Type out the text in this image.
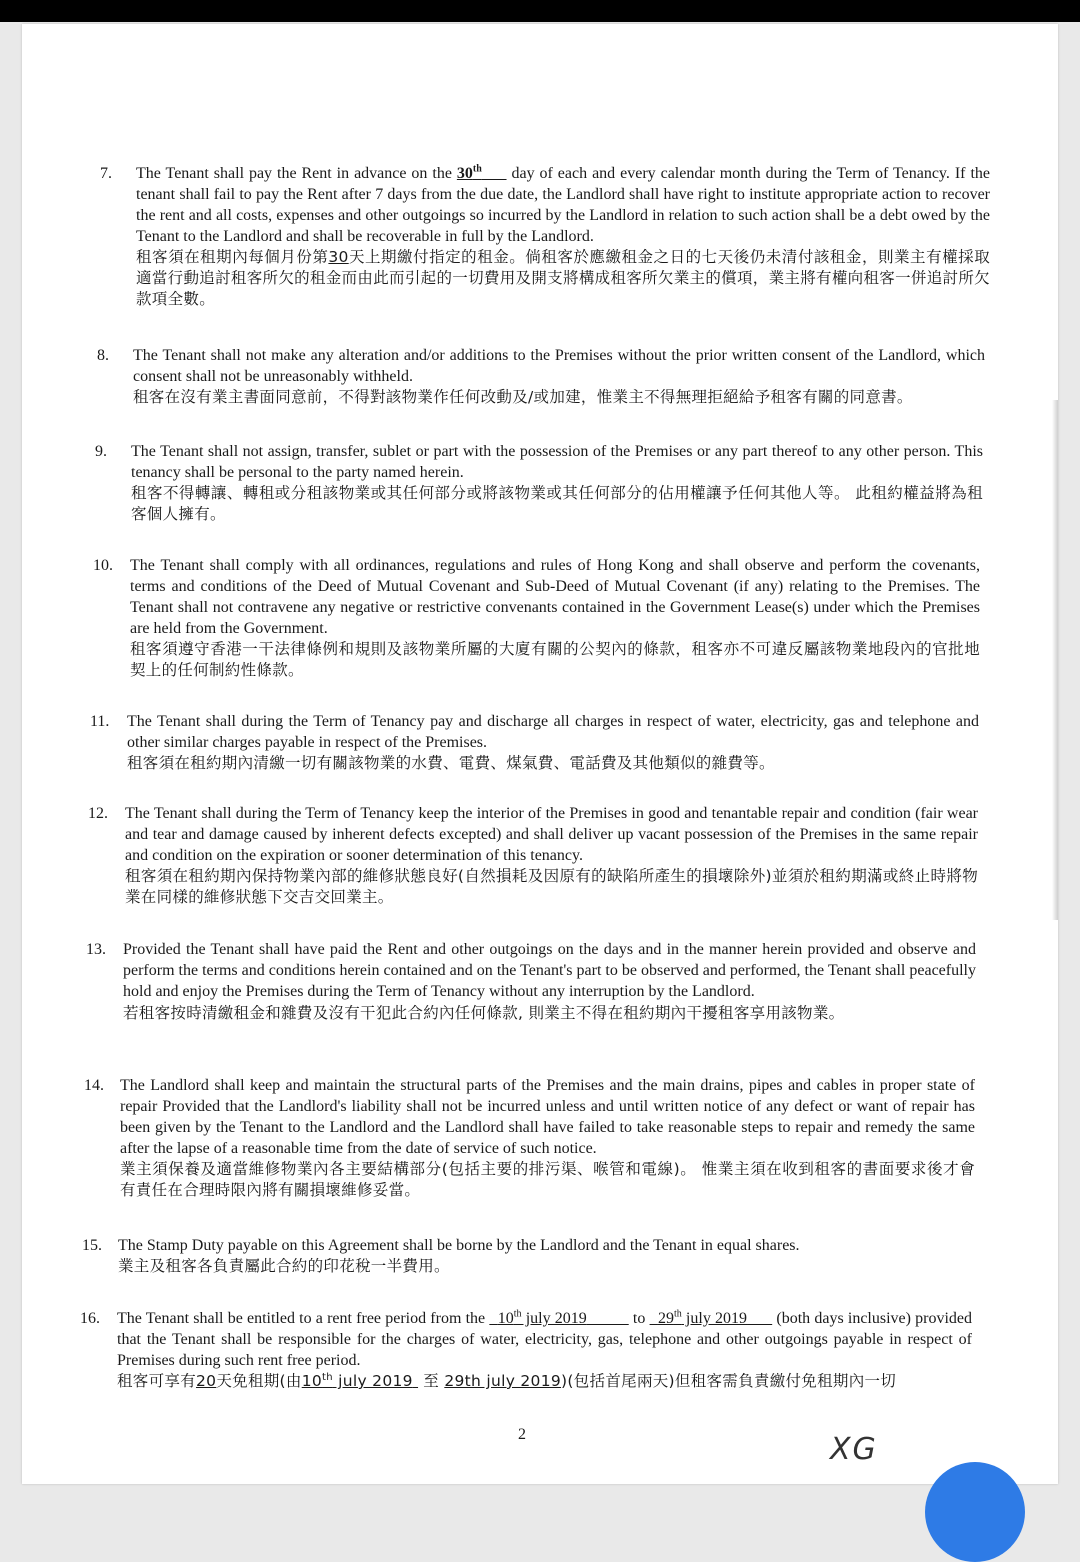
7. The Tenant shall pay the Rent in advance on the 30th      day of each and every calendar month during the Term of Tenancy. If the tenant shall fail to pay the Rent after 7 days from the due date, the Landlord shall have right to institute appropriate action to recover the rent and all costs, expenses and other outgoings so incurred by the Landlord in relation to such action shall be a debt owed by the Tenant to the Landlord and shall be recoverable in full by the Landlord.

租客須在租期內每個月份第30天上期繳付指定的租金。倘租客於應繳租金之日的七天後仍未清付該租金，則業主有權採取適當行動追討租客所欠的租金而由此而引起的一切費用及開支將構成租客所欠業主的償項，業主將有權向租客一併追討所欠款項全數。

8. The Tenant shall not make any alteration and/or additions to the Premises without the prior written consent of the Landlord, which consent shall not be unreasonably withheld.

租客在沒有業主書面同意前，不得對該物業作任何改動及/或加建，惟業主不得無理拒絕給予租客有關的同意書。

9. The Tenant shall not assign, transfer, sublet or part with the possession of the Premises or any part thereof to any other person. This tenancy shall be personal to the party named herein.

租客不得轉讓、轉租或分租該物業或其任何部分或將該物業或其任何部分的佔用權讓予任何其他人等。 此租約權益將為租客個人擁有。

10. The Tenant shall comply with all ordinances, regulations and rules of Hong Kong and shall observe and perform the covenants, terms and conditions of the Deed of Mutual Covenant and Sub-Deed of Mutual Covenant (if any) relating to the Premises. The Tenant shall not contravene any negative or restrictive convenants contained in the Government Lease(s) under which the Premises are held from the Government.

租客須遵守香港一干法律條例和規則及該物業所屬的大廈有關的公契內的條款，租客亦不可違反屬該物業地段內的官批地契上的任何制約性條款。

11. The Tenant shall during the Term of Tenancy pay and discharge all charges in respect of water, electricity, gas and telephone and other similar charges payable in respect of the Premises.

租客須在租約期內清繳一切有關該物業的水費、電費、煤氣費、電話費及其他類似的雜費等。

12. The Tenant shall during the Term of Tenancy keep the interior of the Premises in good and tenantable repair and condition (fair wear and tear and damage caused by inherent defects excepted) and shall deliver up vacant possession of the Premises in the same repair and condition on the expiration or sooner determination of this tenancy.

租客須在租約期內保持物業內部的維修狀態良好(自然損耗及因原有的缺陷所產生的損壞除外)並須於租約期滿或終止時將物業在同樣的維修狀態下交吉交回業主。

13. Provided the Tenant shall have paid the Rent and other outgoings on the days and in the manner herein provided and observe and perform the terms and conditions herein contained and on the Tenant's part to be observed and performed, the Tenant shall peacefully hold and enjoy the Premises during the Term of Tenancy without any interruption by the Landlord.

若租客按時清繳租金和雜費及沒有干犯此合約內任何條款, 則業主不得在租約期內干擾租客享用該物業。

14. The Landlord shall keep and maintain the structural parts of the Premises and the main drains, pipes and cables in proper state of repair Provided that the Landlord's liability shall not be incurred unless and until written notice of any defect or want of repair has been given by the Tenant to the Landlord and the Landlord shall have failed to take reasonable steps to repair and remedy the same after the lapse of a reasonable time from the date of service of such notice.

業主須保養及適當維修物業內各主要結構部分(包括主要的排污渠、喉管和電線)。 惟業主須在收到租客的書面要求後才會有責任在合理時限內將有關損壞維修妥當。

15. The Stamp Duty payable on this Agreement shall be borne by the Landlord and the Tenant in equal shares.

業主及租客各負責屬此合約的印花稅一半費用。

16. The Tenant shall be entitled to a rent free period from the   10th july 2019	to   29th july 2019       (both days inclusive) provided that the Tenant shall be responsible for the charges of water, electricity, gas, telephone and other outgoings payable in respect of Premises during such rent free period.

租客可享有20天免租期(由10th july 2019  至 29th july 2019)(包括首尾兩天)但租客需負責繳付免租期內一切

2	XG
